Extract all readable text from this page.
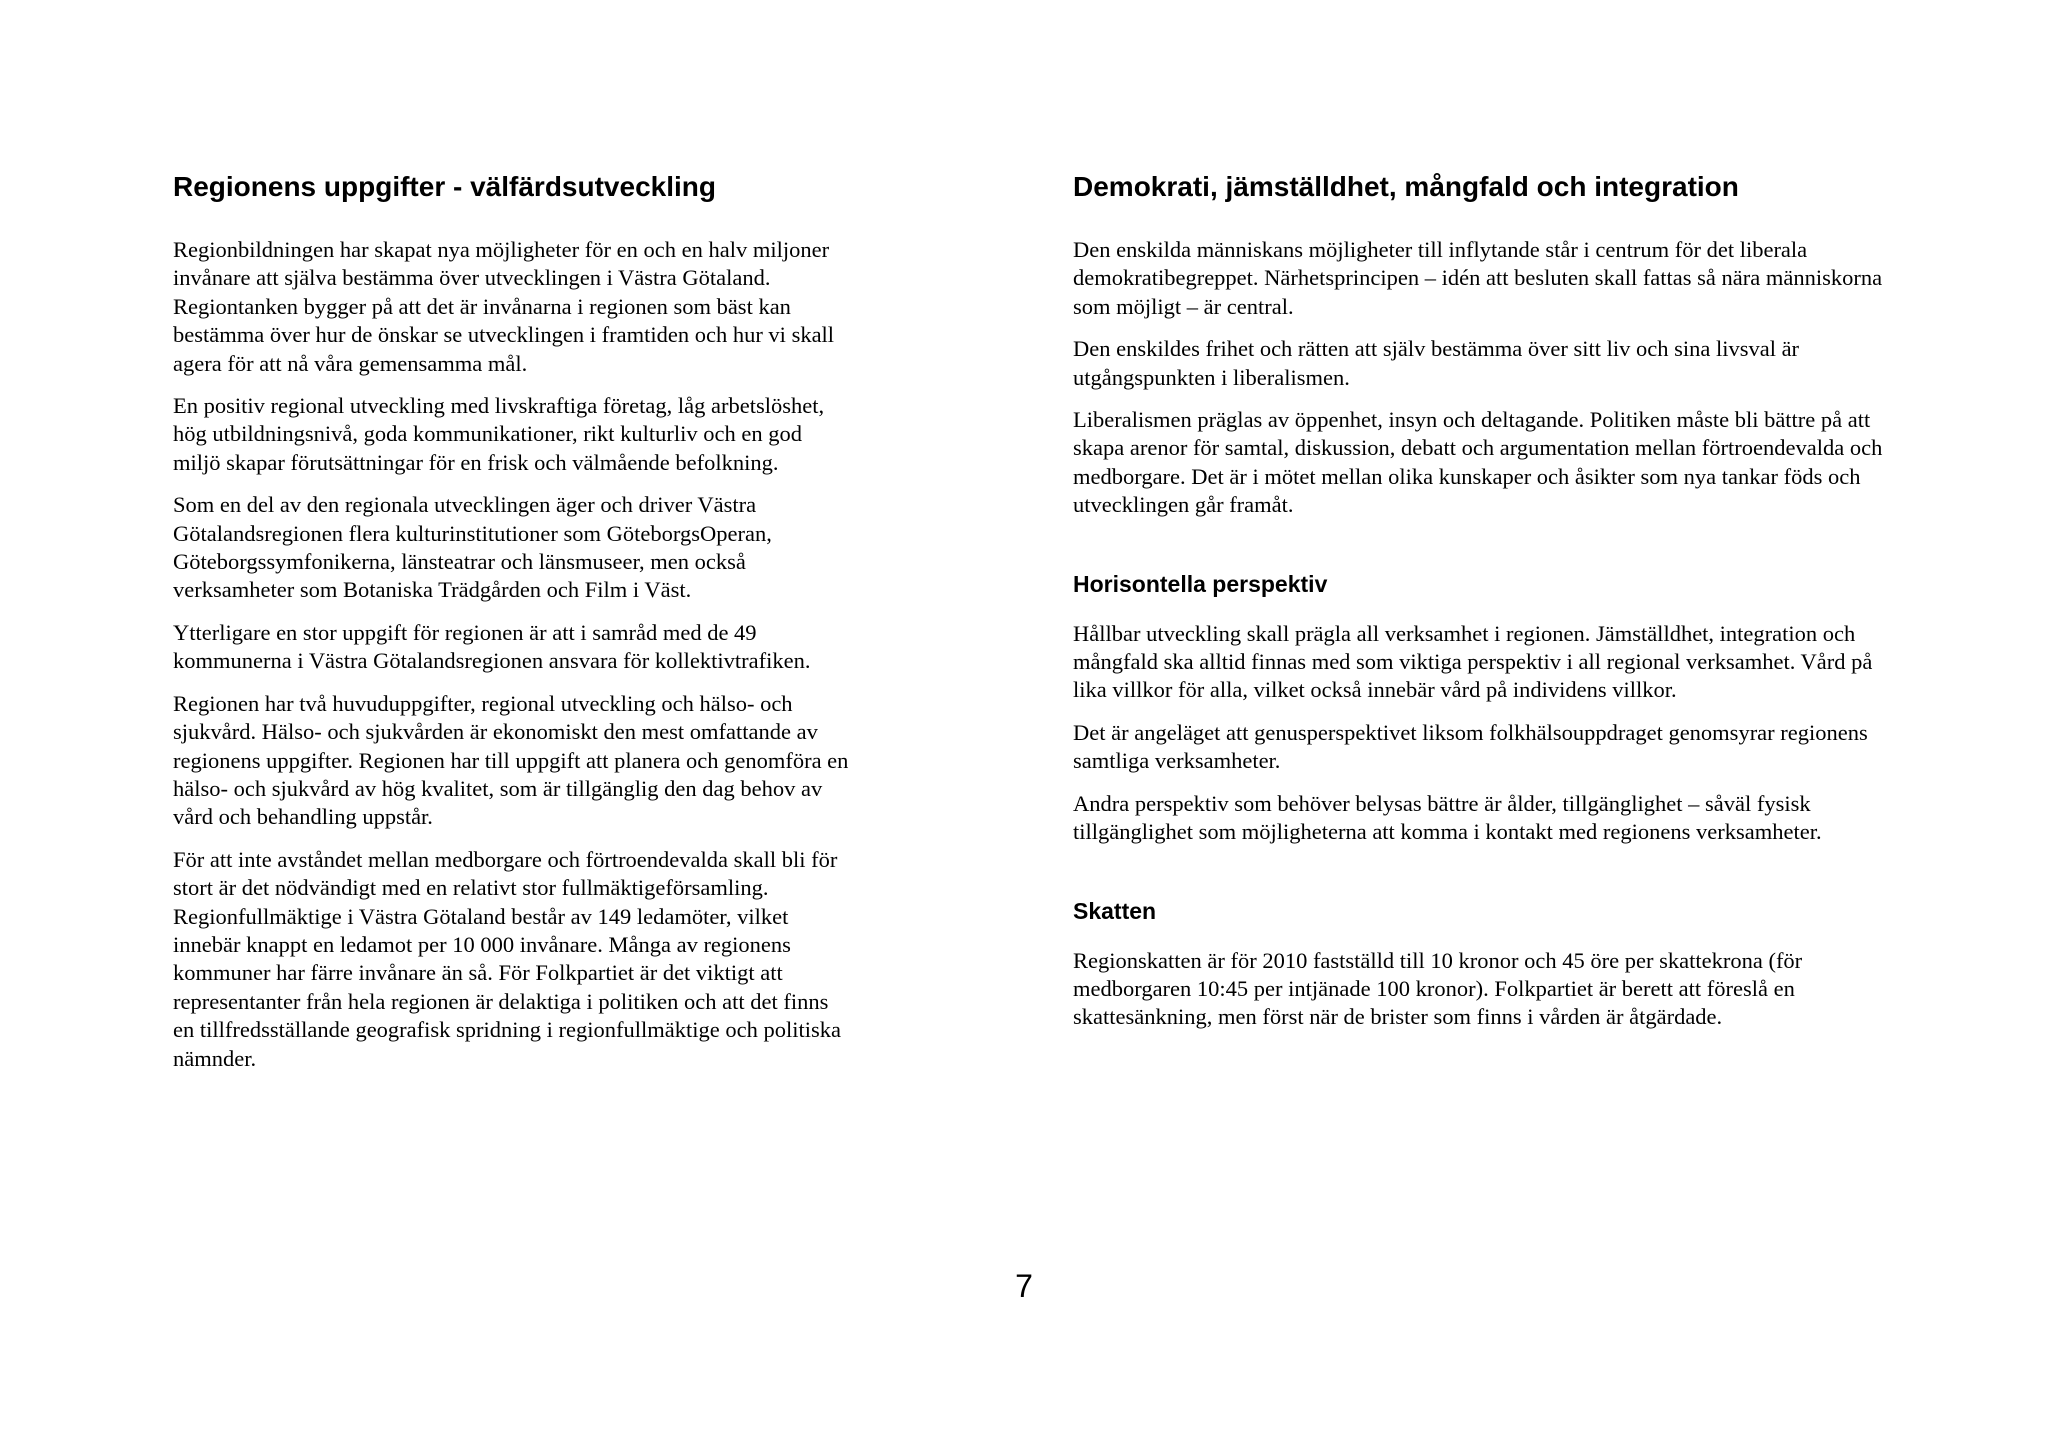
Regionens uppgifter - välfärdsutveckling

Regionbildningen har skapat nya möjligheter för en och en halv miljoner invånare att själva bestämma över utvecklingen i Västra Götaland. Regiontanken bygger på att det är invånarna i regionen som bäst kan bestämma över hur de önskar se utvecklingen i framtiden och hur vi skall agera för att nå våra gemensamma mål.

En positiv regional utveckling med livskraftiga företag, låg arbetslöshet, hög utbildningsnivå, goda kommunikationer, rikt kulturliv och en god miljö skapar förutsättningar för en frisk och välmående befolkning.

Som en del av den regionala utvecklingen äger och driver Västra Götalandsregionen flera kulturinstitutioner som GöteborgsOperan, Göteborgssymfonikerna, länsteatrar och länsmuseer, men också verksamheter som Botaniska Trädgården och Film i Väst.

Ytterligare en stor uppgift för regionen är att i samråd med de 49 kommunerna i Västra Götalandsregionen ansvara för kollektivtrafiken.

Regionen har två huvuduppgifter, regional utveckling och hälso- och sjukvård. Hälso- och sjukvården är ekonomiskt den mest omfattande av regionens uppgifter. Regionen har till uppgift att planera och genomföra en hälso- och sjukvård av hög kvalitet, som är tillgänglig den dag behov av vård och behandling uppstår.

För att inte avståndet mellan medborgare och förtroendevalda skall bli för stort är det nödvändigt med en relativt stor fullmäktigeförsamling. Regionfullmäktige i Västra Götaland består av 149 ledamöter, vilket innebär knappt en ledamot per 10 000 invånare. Många av regionens kommuner har färre invånare än så. För Folkpartiet är det viktigt att representanter från hela regionen är delaktiga i politiken och att det finns en tillfredsställande geografisk spridning i regionfullmäktige och politiska nämnder.

Demokrati, jämställdhet, mångfald och integration

Den enskilda människans möjligheter till inflytande står i centrum för det liberala demokratibegreppet. Närhetsprincipen – idén att besluten skall fattas så nära människorna som möjligt – är central.

Den enskildes frihet och rätten att själv bestämma över sitt liv och sina livsval är utgångspunkten i liberalismen.

Liberalismen präglas av öppenhet, insyn och deltagande. Politiken måste bli bättre på att skapa arenor för samtal, diskussion, debatt och argumentation mellan förtroendevalda och medborgare. Det är i mötet mellan olika kunskaper och åsikter som nya tankar föds och utvecklingen går framåt.

Horisontella perspektiv

Hållbar utveckling skall prägla all verksamhet i regionen. Jämställdhet, integration och mångfald ska alltid finnas med som viktiga perspektiv i all regional verksamhet. Vård på lika villkor för alla, vilket också innebär vård på individens villkor.

Det är angeläget att genusperspektivet liksom folkhälsouppdraget genomsyrar regionens samtliga verksamheter.

Andra perspektiv som behöver belysas bättre är ålder, tillgänglighet – såväl fysisk tillgänglighet som möjligheterna att komma i kontakt med regionens verksamheter.

Skatten

Regionskatten är för 2010 fastställd till 10 kronor och 45 öre per skattekrona (för medborgaren 10:45 per intjänade 100 kronor). Folkpartiet är berett att föreslå en skattesänkning, men först när de brister som finns i vården är åtgärdade.

7
